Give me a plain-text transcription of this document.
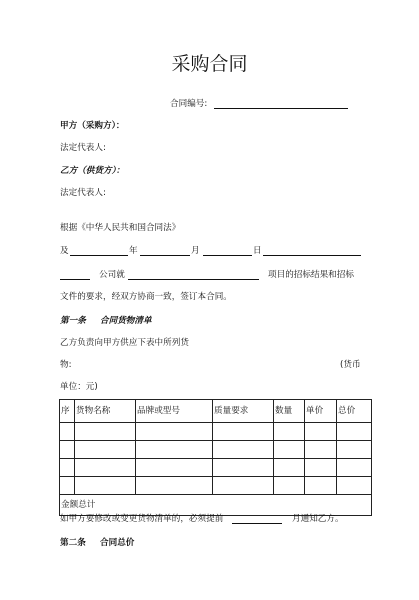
采购合同
合同编号:
甲方（采购方）：
法定代表人:
乙方（供货方）：
法定代表人:
根据《中华人民共和国合同法》
及	年	月	日
公司就	项目的招标结果和招标
文件的要求，经双方协商一致，签订本合同。
第一条 合同货物清单
乙方负责向甲方供应下表中所列货
物:	(货币
单位：元)
序	货物名称	品牌或型号	质量要求	数量	单价	总价

金额总计						
如甲方要修改或变更货物清单的，必须提前	月通知乙方。
第二条 合同总价
